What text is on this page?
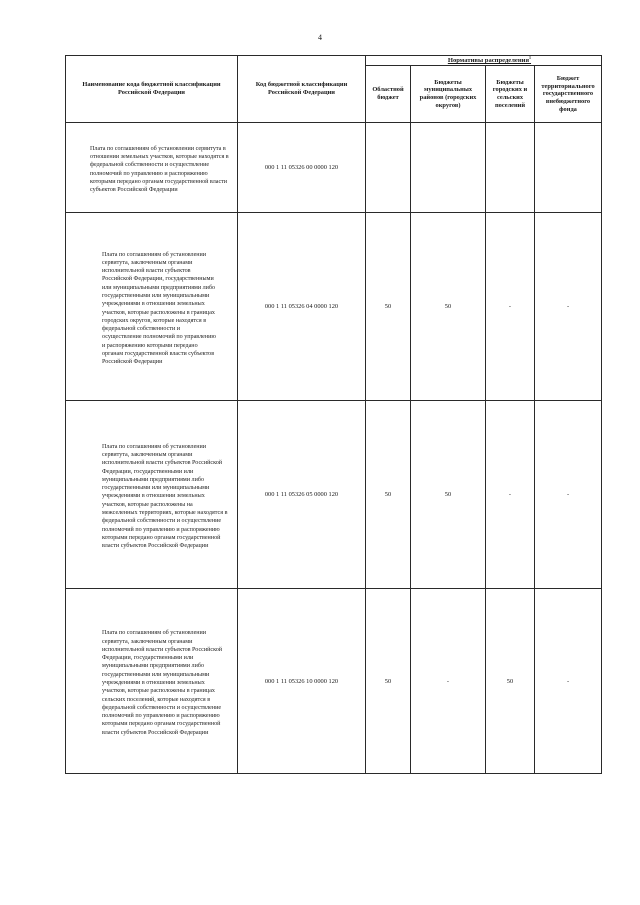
4
Наименование кода бюджетной классификации Российской Федерации	Код бюджетной классификации Российской Федерации	Нормативы распределения$^1$
		Областной бюджет	Бюджеты муниципальных районов (городских округов)	Бюджеты городских и сельских поселений	Бюджет территориального государственного внебюджетного фонда

Плата по соглашениям об установлении сервитута в отношении земельных участков, которые находятся в федеральной собственности и осуществление полномочий по управлению и распоряжению которыми передано органам государственной власти субъектов Российской Федерации	000 1 11 05326 00 0000 120				

Плата по соглашениям об установлении сервитута, заключенным органами исполнительной власти субъектов Российской Федерации, государственными или муниципальными предприятиями либо государственными или муниципальными учреждениями в отношении земельных участков, которые расположены в границах городских округов, которые находятся в федеральной собственности и осуществление полномочий по управлению и распоряжению которыми передано органам государственной власти субъектов Российской Федерации	000 1 11 05326 04 0000 120	50	50	-	-

Плата по соглашениям об установлении сервитута, заключенным органами исполнительной власти субъектов Российской Федерации, государственными или муниципальными предприятиями либо государственными или муниципальными учреждениями в отношении земельных участков, которые расположены на межселенных территориях, которые находятся в федеральной собственности и осуществление полномочий по управлению и распоряжению которыми передано органам государственной власти субъектов Российской Федерации	000 1 11 05326 05 0000 120	50	50	-	-

Плата по соглашениям об установлении сервитута, заключенным органами исполнительной власти субъектов Российской Федерации, государственными или муниципальными предприятиями либо государственными или муниципальными учреждениями в отношении земельных участков, которые расположены в границах сельских поселений, которые находятся в федеральной собственности и осуществление полномочий по управлению и распоряжению которыми передано органам государственной власти субъектов Российской Федерации	000 1 11 05326 10 0000 120	50	-	50	-
